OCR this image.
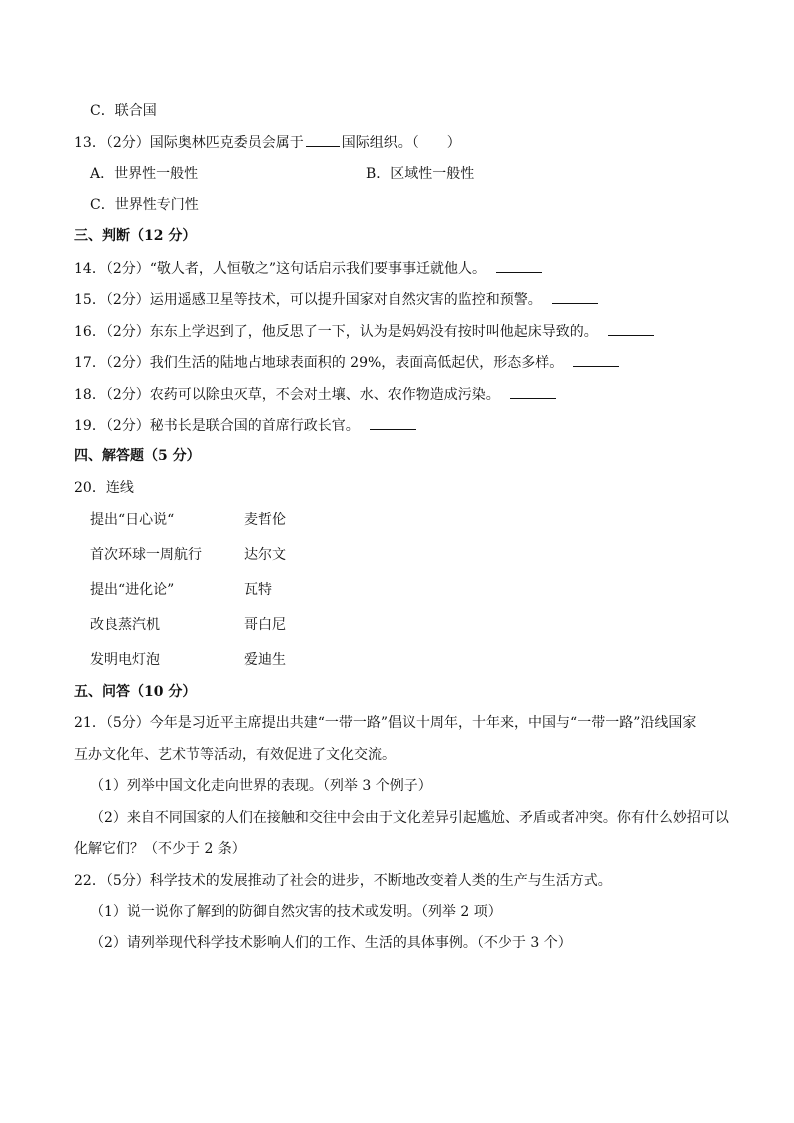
C．联合国
13．（2分）国际奥林匹克委员会属于	国际组织。（　　）
A．世界性一般性	B．区域性一般性
C．世界性专门性
三、判断（12 分）
14．（2分）“敬人者，人恒敬之”这句话启示我们要事事迁就他人。
15．（2分）运用遥感卫星等技术，可以提升国家对自然灾害的监控和预警。
16．（2分）东东上学迟到了，他反思了一下，认为是妈妈没有按时叫他起床导致的。
17．（2分）我们生活的陆地占地球表面积的 29%，表面高低起伏，形态多样。
18．（2分）农药可以除虫灭草，不会对土壤、水、农作物造成污染。
19．（2分）秘书长是联合国的首席行政长官。
四、解答题（5 分）
20．连线
提出“日心说“	麦哲伦
首次环球一周航行	达尔文
提出“进化论”	瓦特
改良蒸汽机	哥白尼
发明电灯泡	爱迪生
五、问答（10 分）
21．（5分）今年是习近平主席提出共建“一带一路”倡议十周年，十年来，中国与“一带一路”沿线国家
互办文化年、艺术节等活动，有效促进了文化交流。
（1）列举中国文化走向世界的表现。（列举 3 个例子）
（2）来自不同国家的人们在接触和交往中会由于文化差异引起尴尬、矛盾或者冲突。你有什么妙招可以
化解它们？（不少于 2 条）
22．（5分）科学技术的发展推动了社会的进步，不断地改变着人类的生产与生活方式。
（1）说一说你了解到的防御自然灾害的技术或发明。（列举 2 项）
（2）请列举现代科学技术影响人们的工作、生活的具体事例。（不少于 3 个）
